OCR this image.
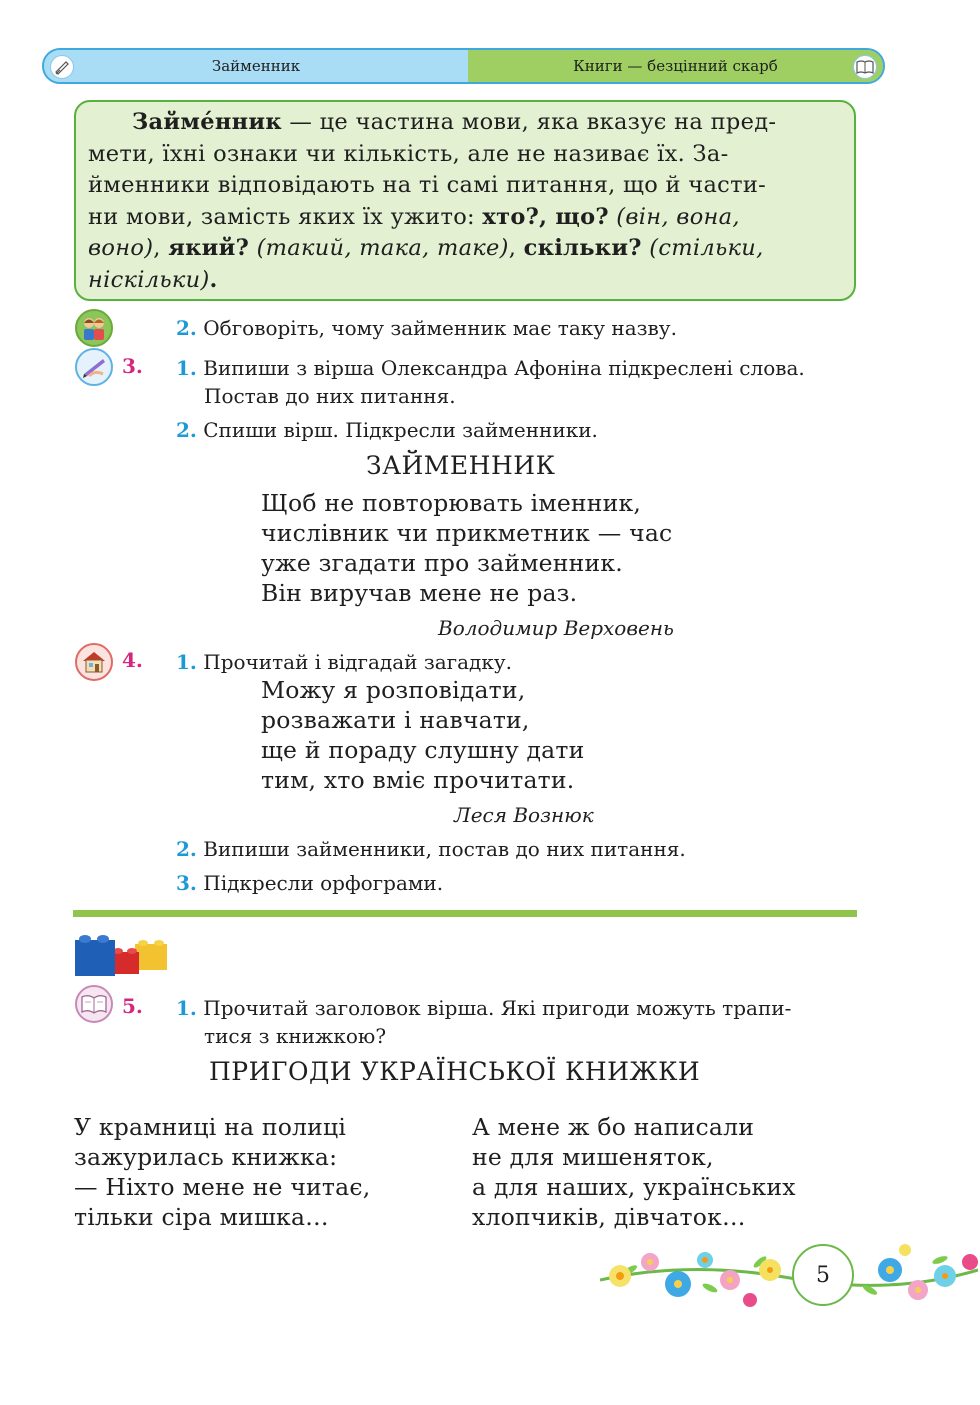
Займенник	Книги — безцінний скарб

Займе́нник — це частина мови, яка вказує на пред-
мети, їхні ознаки чи кількість, але не називає їх. За-
йменники відповідають на ті самі питання, що й части-
ни мови, замість яких їх ужито: хто?, що? (він, вона,
воно), який? (такий, така, таке), скільки? (стільки,
ніскільки).

2. Обговоріть, чому займенник має таку назву.
3. 1. Випиши з вірша Олександра Афоніна підкреслені слова.
Постав до них питання.
2. Спиши вірш. Підкресли займенники.
ЗАЙМЕННИК
Щоб не повторювать іменник,
числівник чи прикметник — час
уже згадати про займенник.
Він виручав мене не раз.
Володимир Верховень
4. 1. Прочитай і відгадай загадку.
Можу я розповідати,
розважати і навчати,
ще й пораду слушну дати
тим, хто вміє прочитати.
Леся Вознюк
2. Випиши займенники, постав до них питання.
3. Підкресли орфограми.
5. 1. Прочитай заголовок вірша. Які пригоди можуть трапи-
тися з книжкою?
ПРИГОДИ УКРАЇНСЬКОЇ КНИЖКИ
У крамниці на полиці
зажурилась книжка:
— Ніхто мене не читає,
тільки сіра мишка…
А мене ж бо написали
не для мишеняток,
а для наших, українських
хлопчиків, дівчаток…
5
